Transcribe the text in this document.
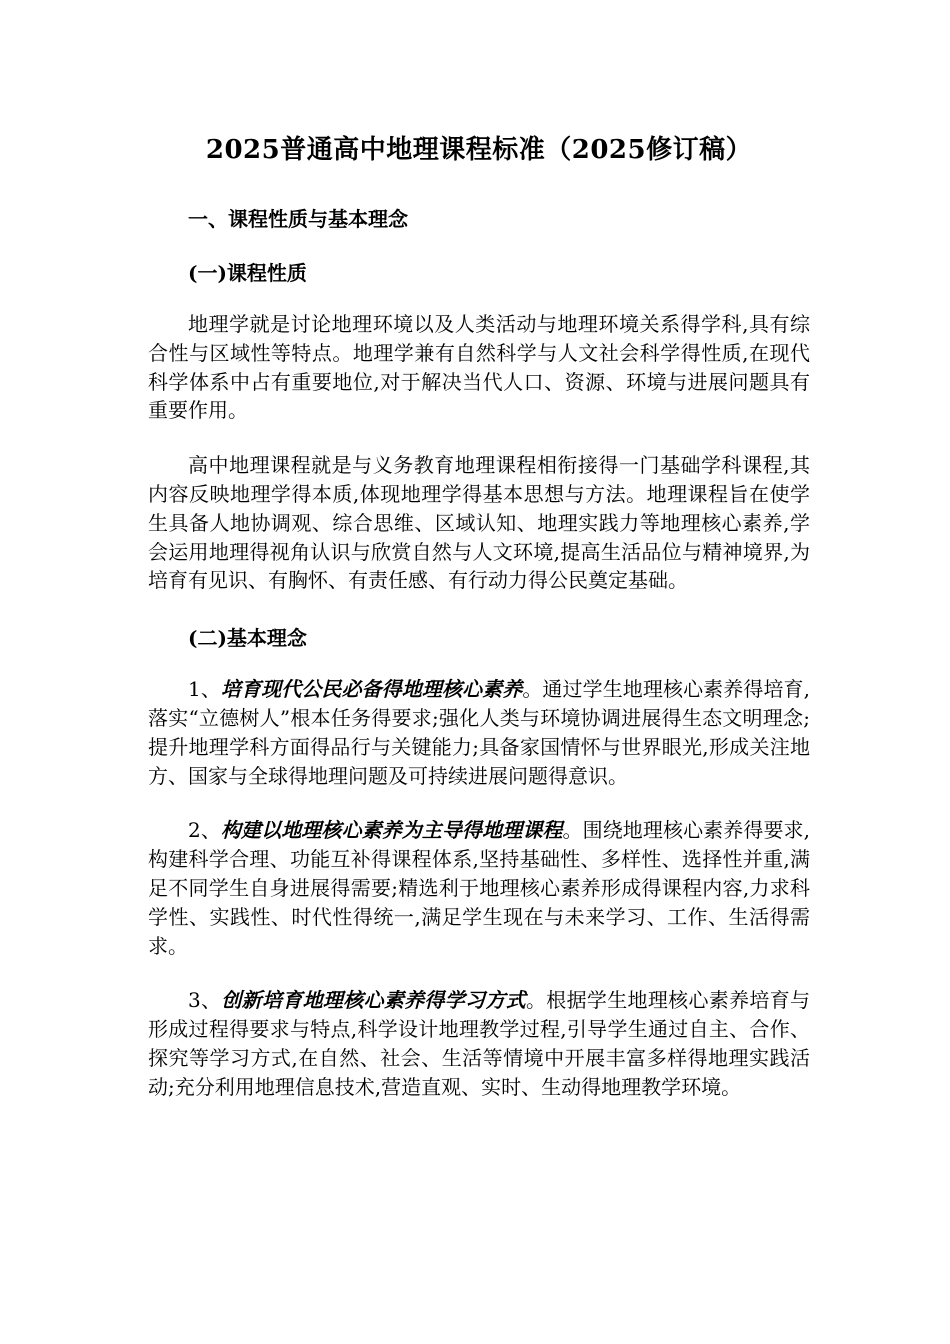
2025普通高中地理课程标准（2025修订稿）
一、课程性质与基本理念
(一)课程性质

地理学就是讨论地理环境以及人类活动与地理环境关系得学科,具有综合性与区域性等特点。地理学兼有自然科学与人文社会科学得性质,在现代科学体系中占有重要地位,对于解决当代人口、资源、环境与进展问题具有重要作用。

高中地理课程就是与义务教育地理课程相衔接得一门基础学科课程,其内容反映地理学得本质,体现地理学得基本思想与方法。地理课程旨在使学生具备人地协调观、综合思维、区域认知、地理实践力等地理核心素养,学会运用地理得视角认识与欣赏自然与人文环境,提高生活品位与精神境界,为培育有见识、有胸怀、有责任感、有行动力得公民奠定基础。

(二)基本理念

1、培育现代公民必备得地理核心素养。通过学生地理核心素养得培育,落实“立德树人”根本任务得要求;强化人类与环境协调进展得生态文明理念;提升地理学科方面得品行与关键能力;具备家国情怀与世界眼光,形成关注地方、国家与全球得地理问题及可持续进展问题得意识。

2、构建以地理核心素养为主导得地理课程。围绕地理核心素养得要求,构建科学合理、功能互补得课程体系,坚持基础性、多样性、选择性并重,满足不同学生自身进展得需要;精选利于地理核心素养形成得课程内容,力求科学性、实践性、时代性得统一,满足学生现在与未来学习、工作、生活得需求。

3、创新培育地理核心素养得学习方式。根据学生地理核心素养培育与形成过程得要求与特点,科学设计地理教学过程,引导学生通过自主、合作、探究等学习方式,在自然、社会、生活等情境中开展丰富多样得地理实践活动;充分利用地理信息技术,营造直观、实时、生动得地理教学环境。
